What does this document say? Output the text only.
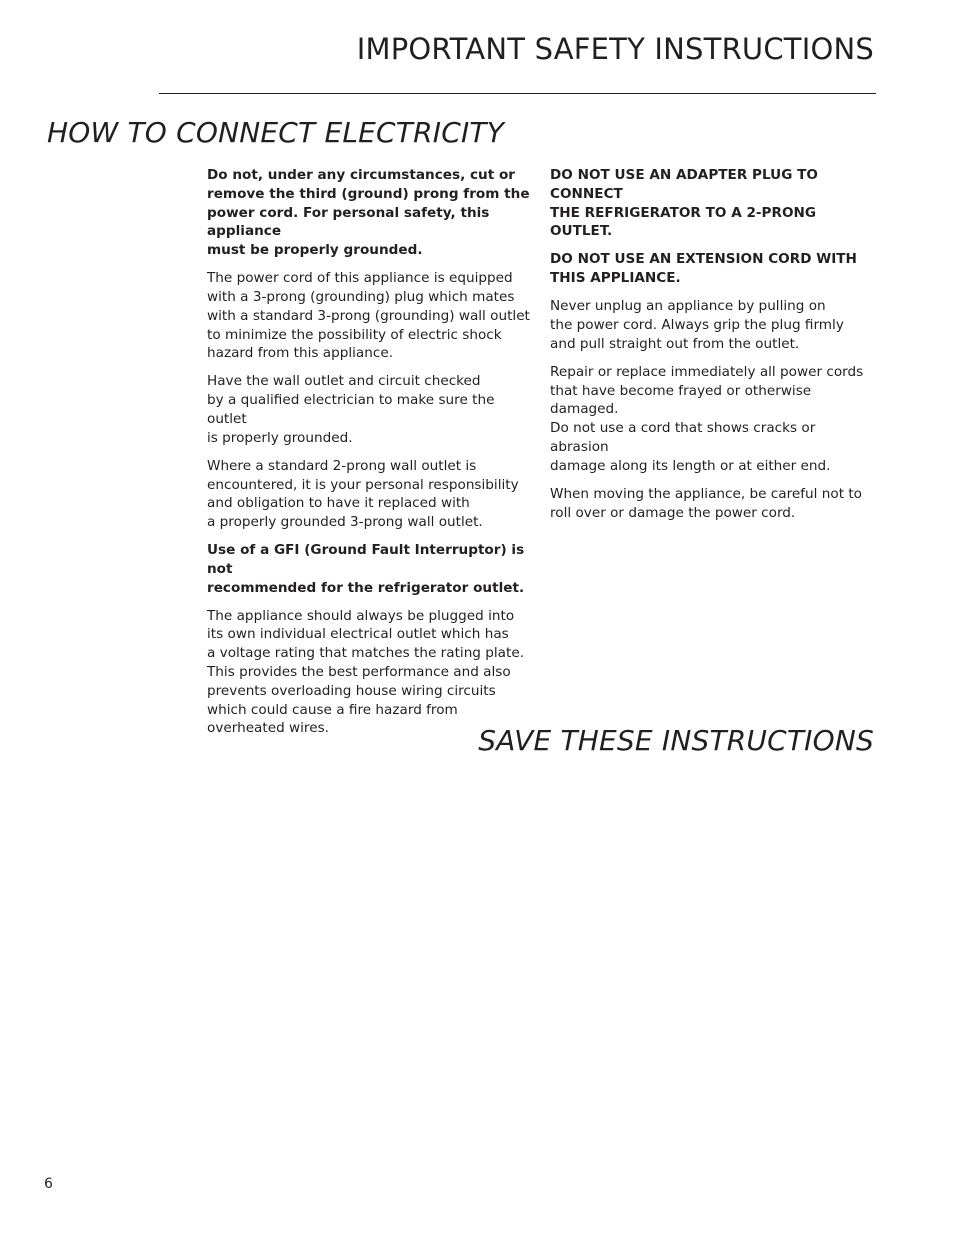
IMPORTANT SAFETY INSTRUCTIONS
HOW TO CONNECT ELECTRICITY

Do not, under any circumstances, cut or
remove the third (ground) prong from the
power cord. For personal safety, this appliance
must be properly grounded.

The power cord of this appliance is equipped
with a 3-prong (grounding) plug which mates
with a standard 3-prong (grounding) wall outlet
to minimize the possibility of electric shock
hazard from this appliance.

Have the wall outlet and circuit checked
by a qualified electrician to make sure the outlet
is properly grounded.

Where a standard 2-prong wall outlet is
encountered, it is your personal responsibility
and obligation to have it replaced with
a properly grounded 3-prong wall outlet.

Use of a GFI (Ground Fault Interruptor) is not
recommended for the refrigerator outlet.

The appliance should always be plugged into
its own individual electrical outlet which has
a voltage rating that matches the rating plate.
This provides the best performance and also
prevents overloading house wiring circuits
which could cause a fire hazard from
overheated wires.

DO NOT USE AN ADAPTER PLUG TO CONNECT
THE REFRIGERATOR TO A 2-PRONG OUTLET.

DO NOT USE AN EXTENSION CORD WITH
THIS APPLIANCE.

Never unplug an appliance by pulling on
the power cord. Always grip the plug firmly
and pull straight out from the outlet.

Repair or replace immediately all power cords
that have become frayed or otherwise damaged.
Do not use a cord that shows cracks or abrasion
damage along its length or at either end.

When moving the appliance, be careful not to
roll over or damage the power cord.

SAVE THESE INSTRUCTIONS
6
